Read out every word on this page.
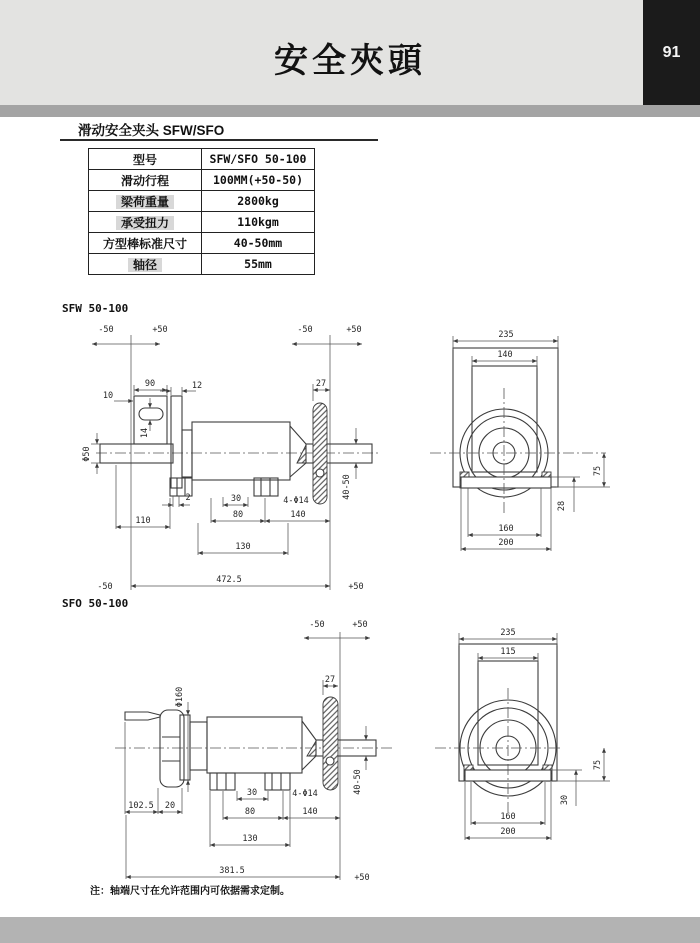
安全夾頭	91
滑动安全夹头 SFW/SFO
型号	SFW/SFO 50-100
滑动行程	100MM(+50-50)
梁荷重量	2800kg
承受扭力	110kgm
方型棒标准尺寸	40-50mm
轴径	55mm
SFW 50-100
-50	+50	-50	+50
90
10
12
14
Φ50
27
2	30	4-Φ14
110
80	140
130
472.5
-50	+50
40-50
235
140
160
200
75
28
SFO 50-100
-50	+50
27
Φ160
102.5 20
30	4-Φ14
80	140
130
381.5
+50
40-50
235
115
160
200
75
30
注：轴端尺寸在允许范围内可依据需求定制。
